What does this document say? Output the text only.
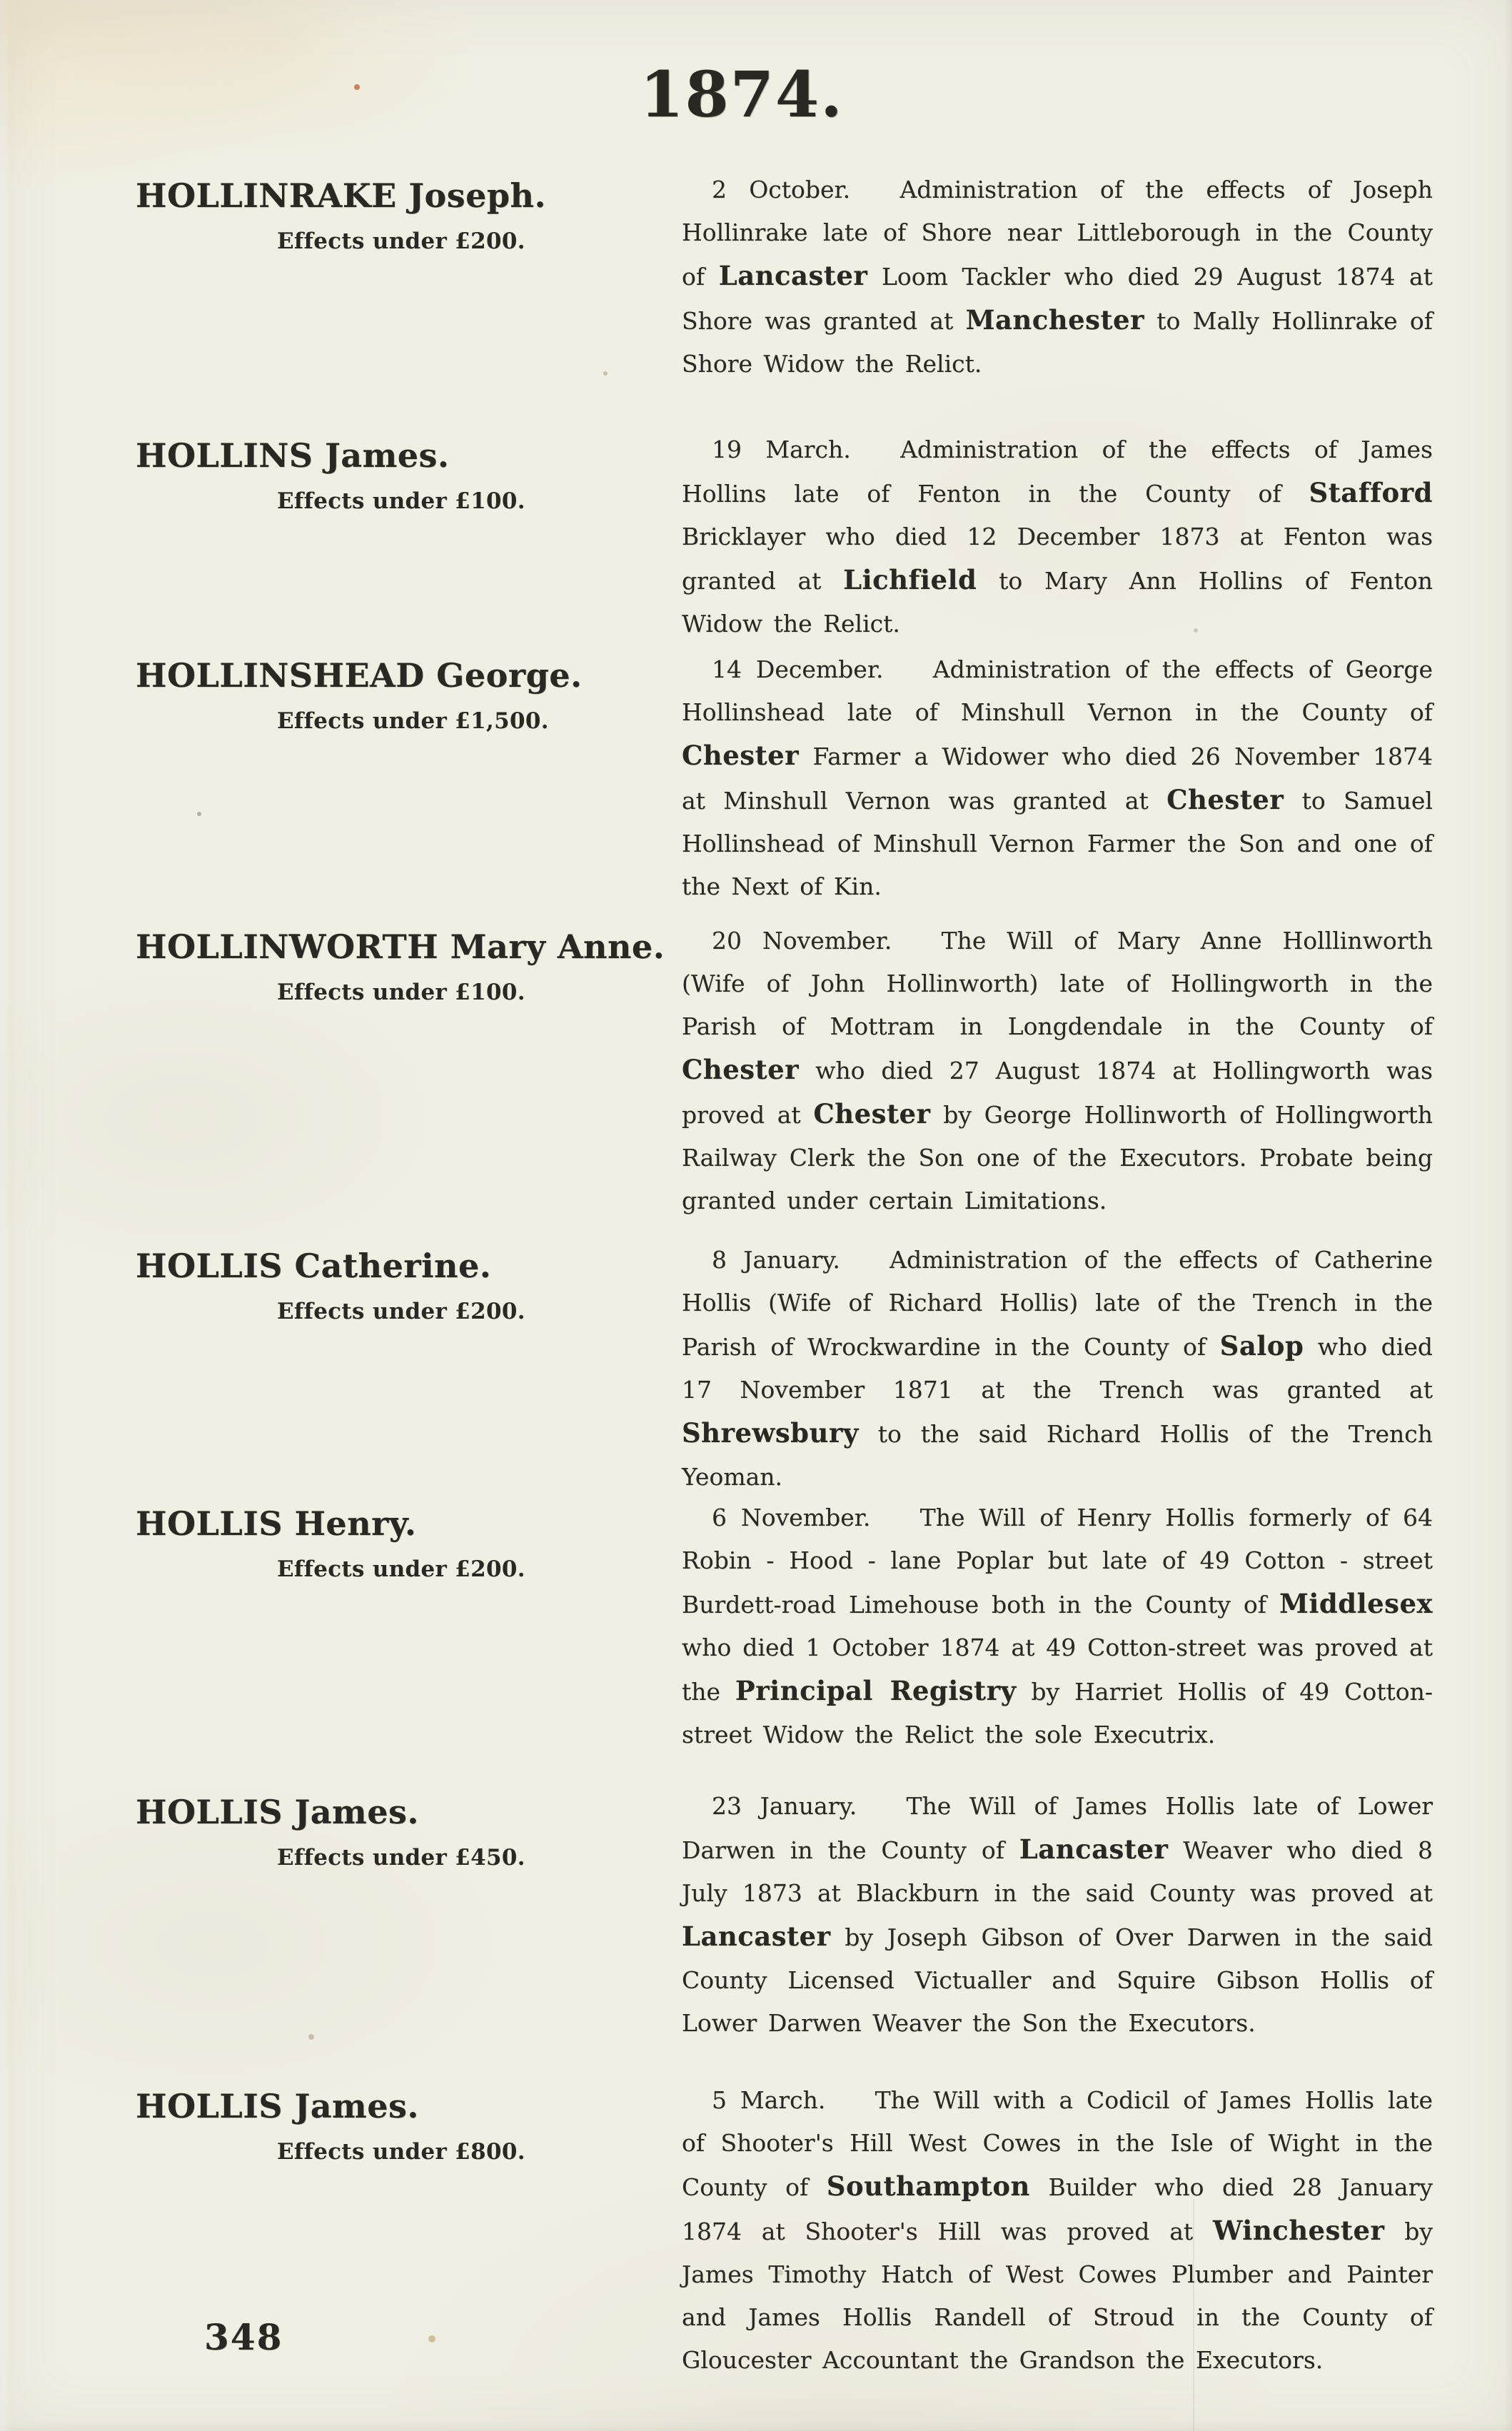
1874.
HOLLINRAKE Joseph.

Effects under £200.

2 October. Administration of the effects of Joseph Hollinrake late of Shore near Littleborough in the County of Lancaster Loom Tackler who died 29 August 1874 at Shore was granted at Manchester to Mally Hollinrake of Shore Widow the Relict.

HOLLINS James.

Effects under £100.

19 March. Administration of the effects of James Hollins late of Fenton in the County of Stafford Bricklayer who died 12 December 1873 at Fenton was granted at Lichfield to Mary Ann Hollins of Fenton Widow the Relict.

HOLLINSHEAD George.

Effects under £1,500.

14 December. Administration of the effects of George Hollinshead late of Minshull Vernon in the County of Chester Farmer a Widower who died 26 November 1874 at Minshull Vernon was granted at Chester to Samuel Hollinshead of Minshull Vernon Farmer the Son and one of the Next of Kin.

HOLLINWORTH Mary Anne.

Effects under £100.

20 November. The Will of Mary Anne Holllinworth (Wife of John Hollinworth) late of Hollingworth in the Parish of Mottram in Longdendale in the County of Chester who died 27 August 1874 at Hollingworth was proved at Chester by George Hollinworth of Hollingworth Railway Clerk the Son one of the Executors. Probate being granted under certain Limitations.

HOLLIS Catherine.

Effects under £200.

8 January. Administration of the effects of Catherine Hollis (Wife of Richard Hollis) late of the Trench in the Parish of Wrockwardine in the County of Salop who died 17 November 1871 at the Trench was granted at Shrewsbury to the said Richard Hollis of the Trench Yeoman.

HOLLIS Henry.

Effects under £200.

6 November. The Will of Henry Hollis formerly of 64 Robin - Hood - lane Poplar but late of 49 Cotton - street Burdett-road Limehouse both in the County of Middlesex who died 1 October 1874 at 49 Cotton-street was proved at the Principal Registry by Harriet Hollis of 49 Cotton-street Widow the Relict the sole Executrix.

HOLLIS James.

Effects under £450.

23 January. The Will of James Hollis late of Lower Darwen in the County of Lancaster Weaver who died 8 July 1873 at Blackburn in the said County was proved at Lancaster by Joseph Gibson of Over Darwen in the said County Licensed Victualler and Squire Gibson Hollis of Lower Darwen Weaver the Son the Executors.

HOLLIS James.

Effects under £800.

5 March. The Will with a Codicil of James Hollis late of Shooter's Hill West Cowes in the Isle of Wight in the County of Southampton Builder who died 28 January 1874 at Shooter's Hill was proved at Winchester by James Timothy Hatch of West Cowes Plumber and Painter and James Hollis Randell of Stroud in the County of Gloucester Accountant the Grandson the Executors.

348
